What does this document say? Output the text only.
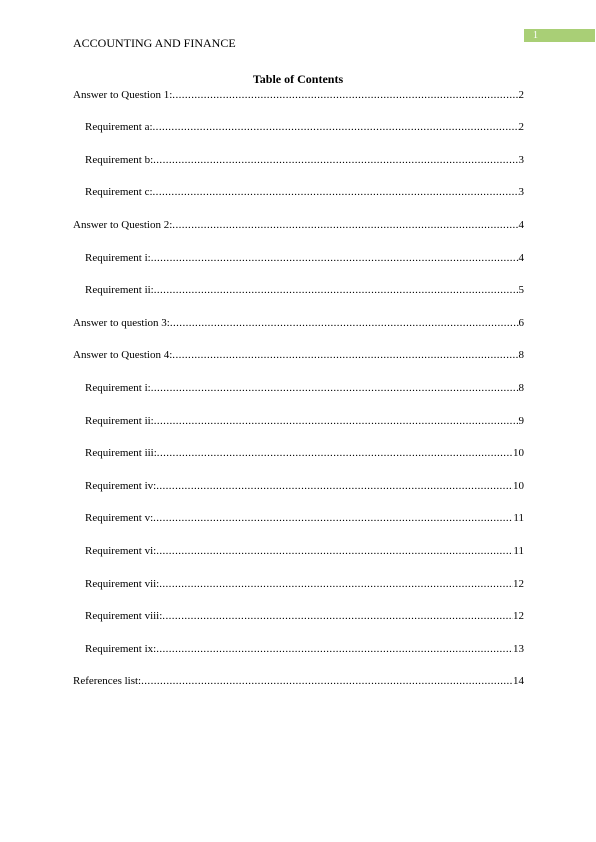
1
ACCOUNTING AND FINANCE
Table of Contents
Answer to Question 1: .....	2
Requirement a: .....	2
Requirement b: .....	3
Requirement c: .....	3
Answer to Question 2: .....	4
Requirement i: .....	4
Requirement ii: .....	5
Answer to question 3: .....	6
Answer to Question 4: .....	8
Requirement i: .....	8
Requirement ii: .....	9
Requirement iii: .....	10
Requirement iv: .....	10
Requirement v: .....	11
Requirement vi: .....	11
Requirement vii: .....	12
Requirement viii: .....	12
Requirement ix: .....	13
References list: .....	14
